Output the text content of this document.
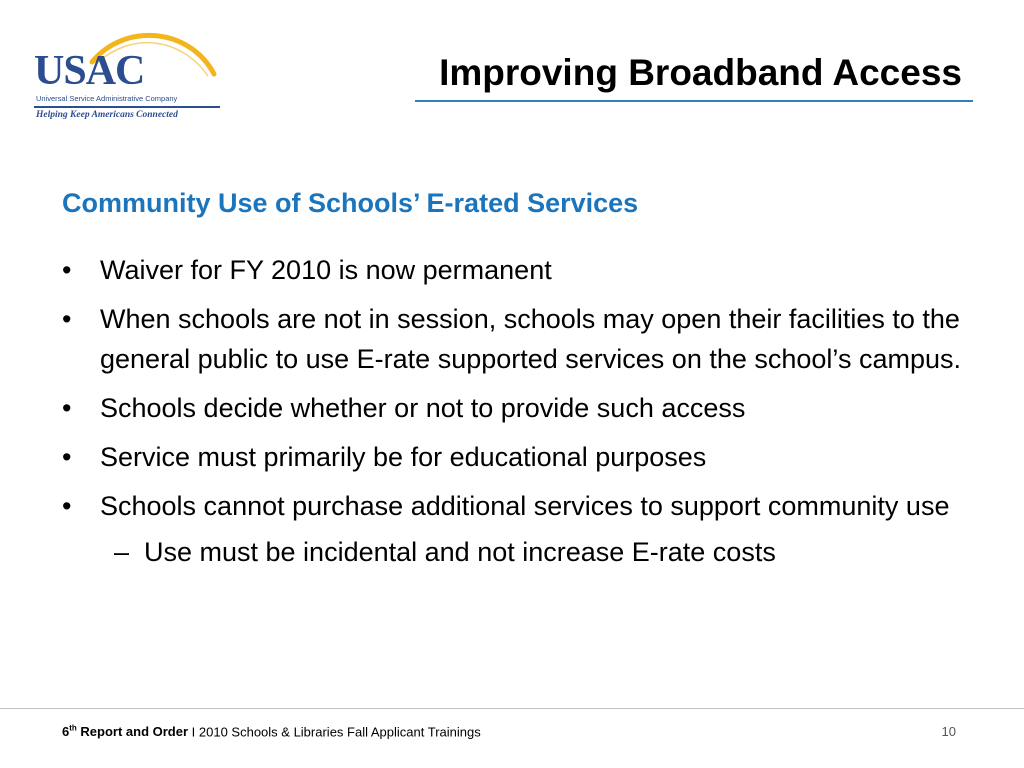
USAC
Universal Service Administrative Company
Helping Keep Americans Connected
Improving Broadband Access
Community Use of Schools’ E-rated Services
• Waiver for FY 2010 is now permanent
• When schools are not in session, schools may open their facilities to the general public to use E-rate supported services on the school’s campus.
• Schools decide whether or not to provide such access
• Service must primarily be for educational purposes
• Schools cannot purchase additional services to support community use
– Use must be incidental and not increase E-rate costs
6th Report and Order I 2010 Schools & Libraries Fall Applicant Trainings	10
